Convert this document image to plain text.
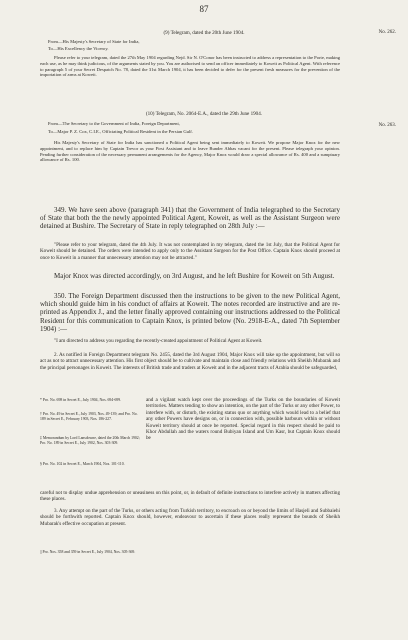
87
(9) Telegram, dated the 20th June 1904.	No. 262.
From—His Majesty's Secretary of State for India,
To—His Excellency the Viceroy.

Please refer to your telegram, dated the 27th May 1904 regarding Nejd. Sir N. O'Conor has been instructed to address a representation to the Porte, making each use, as he may think judicious, of the arguments stated by you. You are authorised to send an officer immediately to Koweit as Political Agent. With reference to paragraph 5 of your Secret Despatch No. 78, dated the 31st March 1904, it has been decided to defer for the present fresh measures for the prevention of the importation of arms at Koweit.

(10) Telegram, No. 2064-E.A., dated the 29th June 1904.
No. 263.
From—The Secretary to the Government of India, Foreign Department,
To—Major P. Z. Cox, C.I.E., Officiating Political Resident in the Persian Gulf.

His Majesty's Secretary of State for India has sanctioned a Political Agent being sent immediately to Koweit. We propose Major Knox for the new appointment, and to replace him by Captain Trevor as your First Assistant and to leave Bunder Abbas vacant for the present. Please telegraph your opinion. Pending further consideration of the necessary permanent arrangements for the Agency, Major Knox would draw a special allowance of Rs. 400 and a sumptuary allowance of Rs. 100.

349. We have seen above (paragraph 341) that the Government of India telegraphed to the Secretary of State that both the the newly appointed Political Agent, Koweit, as well as the Assistant Surgeon were detained at Bushire. The Secretary of State in reply telegraphed on 28th July :—

"Please refer to your telegram, dated the 4th July. It was not contemplated in my telegram, dated the 1st July, that the Political Agent for Koweit should be detained. The orders were intended to apply only to the Assistant Surgeon for the Post Office. Captain Knox should proceed at once to Koweit in a manner that unnecessary attention may not be attracted."

Major Knox was directed accordingly, on 3rd August, and he left Bushire for Koweit on 5th August.

350. The Foreign Department discussed then the instructions to be given to the new Political Agent, which should guide him in his conduct of affairs at Koweit. The notes recorded are instructive and are re-printed as Appendix J., and the letter finally approved containing our instructions addressed to the Political Resident for this communication to Captain Knox, is printed below (No. 2918-E-A., dated 7th September 1904) :—

"I am directed to address you regarding the recently-created appointment of Political Agent at Koweit.

2. As notified in Foreign Department telegram No. 2455, dated the 3rd August 1904, Major Knox will take up the appointment, but will so act as not to attract unnecessary attention. His first object should be to cultivate and maintain close and friendly relations with Sheikh Mubarak and the principal personages in Koweit. The interests of British trade and traders at Koweit and in the adjacent tracts of Arabia should be safeguarded,

* Pro. No. 698 in Secret E., July 1904, Nos. 694-699.
† Pro. No. 49 in Secret E., July 1903, Nos. 49-139; and Pro. No. 189 in Secret E., February 1903, Nos. 186-227.
‡ Memorandum by Lord Lansdowne, dated the 20th March 1902; Pro. No. 189 in Secret E., July 1902, Nos. 303-309.
§ Pro. No. 102 in Secret E., March 1904, Nos. 101-110.
|| Pro. Nos. 358 and 359 in Secret E., July 1904, Nos. 305-369.

and a vigilant watch kept over the proceedings of the Turks on the boundaries of Koweit territories. Matters tending to show an intention, on the part of the Turks or any other Power, to interfere with, or disturb, the existing status quo or anything which would lead to a belief that any other Powers have designs on, or in connection with, possible harbours within or without Koweit territory should at once be reported. Special regard in this respect should be paid to Khor Abdullah and the waters round Bubiyan Island and Um Kasr, but Captain Knox should be

careful not to display undue apprehension or uneasiness on this point, or, in default of definite instructions to interfere actively in matters affecting these places.

3. Any attempt on the part of the Turks, or others acting from Turkish territory, to encroach on or beyond the limits of Hasjeli and Subbaiehi should be forthwith reported. Captain Knox should, however, endeavour to ascertain if these places really represent the bounds of Sheikh Mubarak's effective occupation at present.
